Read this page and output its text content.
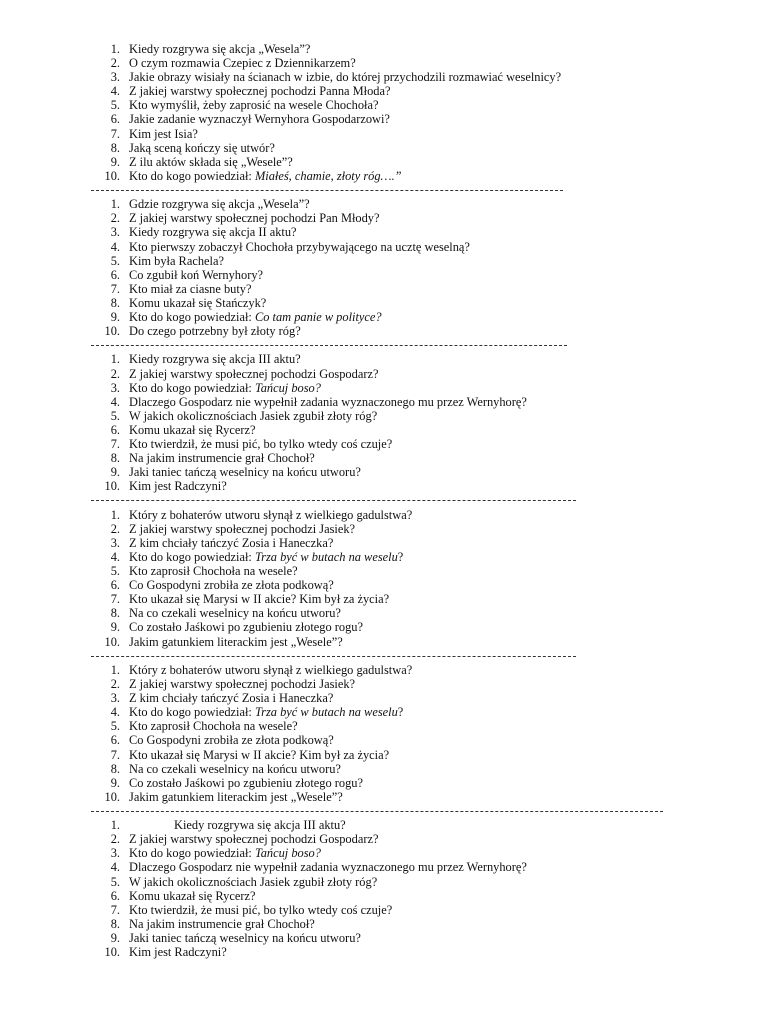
1. Kiedy rozgrywa się akcja „Wesela”?
2. O czym rozmawia Czepiec z Dziennikarzem?
3. Jakie obrazy wisiały na ścianach w izbie, do której przychodzili rozmawiać weselnicy?
4. Z jakiej warstwy społecznej pochodzi Panna Młoda?
5. Kto wymyślił, żeby zaprosić na wesele Chochoła?
6. Jakie zadanie wyznaczył Wernyhora Gospodarzowi?
7. Kim jest Isia?
8. Jaką sceną kończy się utwór?
9. Z ilu aktów składa się „Wesele”?
10. Kto do kogo powiedział: Miałeś, chamie, złoty róg….”
1. Gdzie rozgrywa się akcja „Wesela”?
2. Z jakiej warstwy społecznej pochodzi Pan Młody?
3. Kiedy rozgrywa się akcja II aktu?
4. Kto pierwszy zobaczył Chochoła przybywającego na ucztę weselną?
5. Kim była Rachela?
6. Co zgubił koń Wernyhory?
7. Kto miał za ciasne buty?
8. Komu ukazał się Stańczyk?
9. Kto do kogo powiedział: Co tam panie w polityce?
10. Do czego potrzebny był złoty róg?
1. Kiedy rozgrywa się akcja III aktu?
2. Z jakiej warstwy społecznej pochodzi Gospodarz?
3. Kto do kogo powiedział: Tańcuj boso?
4. Dlaczego Gospodarz nie wypełnił zadania wyznaczonego mu przez Wernyhorę?
5. W jakich okolicznościach Jasiek zgubił złoty róg?
6. Komu ukazał się Rycerz?
7. Kto twierdził, że musi pić, bo tylko wtedy coś czuje?
8. Na jakim instrumencie grał Chochoł?
9. Jaki taniec tańczą weselnicy na końcu utworu?
10. Kim jest Radczyni?
1. Który z bohaterów utworu słynął z wielkiego gadulstwa?
2. Z jakiej warstwy społecznej pochodzi Jasiek?
3. Z kim chciały tańczyć Zosia i Haneczka?
4. Kto do kogo powiedział: Trza być w butach na weselu?
5. Kto zaprosił Chochoła na wesele?
6. Co Gospodyni zrobiła ze złota podkową?
7. Kto ukazał się Marysi w II akcie? Kim był za życia?
8. Na co czekali weselnicy na końcu utworu?
9. Co zostało Jaśkowi po zgubieniu złotego rogu?
10. Jakim gatunkiem literackim jest „Wesele”?
1. Który z bohaterów utworu słynął z wielkiego gadulstwa?
2. Z jakiej warstwy społecznej pochodzi Jasiek?
3. Z kim chciały tańczyć Zosia i Haneczka?
4. Kto do kogo powiedział: Trza być w butach na weselu?
5. Kto zaprosił Chochoła na wesele?
6. Co Gospodyni zrobiła ze złota podkową?
7. Kto ukazał się Marysi w II akcie? Kim był za życia?
8. Na co czekali weselnicy na końcu utworu?
9. Co zostało Jaśkowi po zgubieniu złotego rogu?
10. Jakim gatunkiem literackim jest „Wesele”?
1.	Kiedy rozgrywa się akcja III aktu?
2. Z jakiej warstwy społecznej pochodzi Gospodarz?
3. Kto do kogo powiedział: Tańcuj boso?
4. Dlaczego Gospodarz nie wypełnił zadania wyznaczonego mu przez Wernyhorę?
5. W jakich okolicznościach Jasiek zgubił złoty róg?
6. Komu ukazał się Rycerz?
7. Kto twierdził, że musi pić, bo tylko wtedy coś czuje?
8. Na jakim instrumencie grał Chochoł?
9. Jaki taniec tańczą weselnicy na końcu utworu?
10. Kim jest Radczyni?
